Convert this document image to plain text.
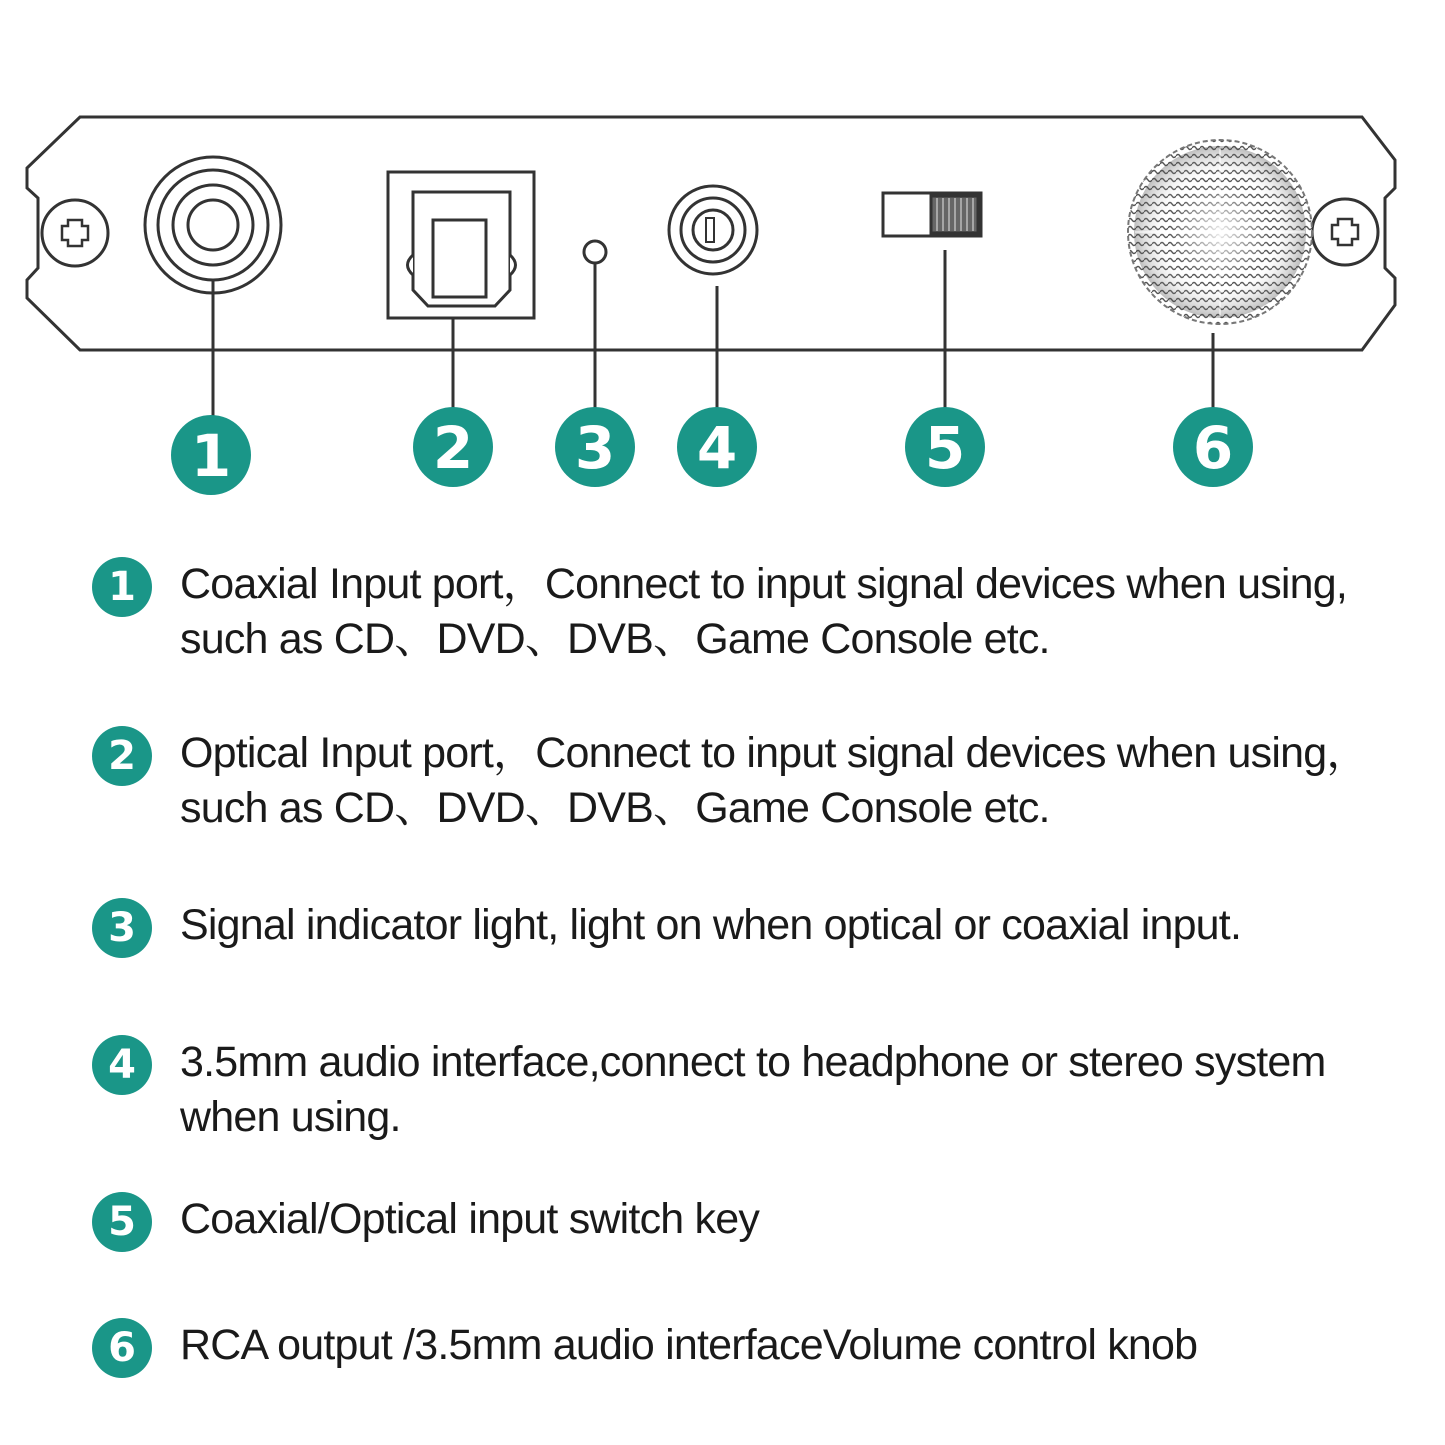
1	2 3 4	5	6
1	Coaxial Input port，Connect to input signal devices when using,
such as CD、DVD、DVB、Game Console etc.
2	Optical Input port，Connect to input signal devices when using，
such as CD、DVD、DVB、Game Console etc.
3	Signal indicator light, light on when optical or coaxial input.
4	3.5mm audio interface,connect to headphone or stereo system
when using.
5	Coaxial/Optical input switch key
6	RCA output /3.5mm audio interfaceVolume control knob
